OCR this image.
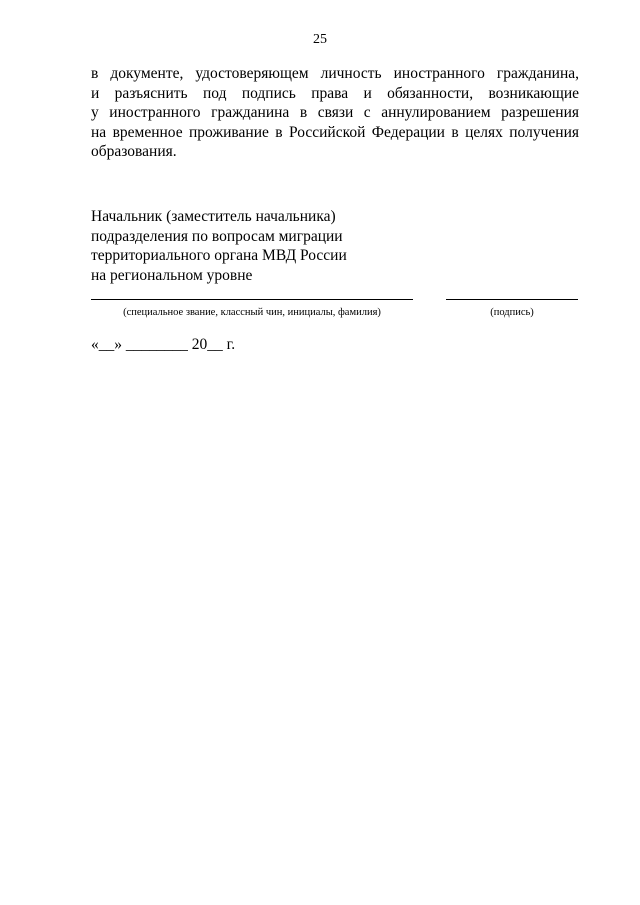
25
в документе, удостоверяющем личность иностранного гражданина,
и разъяснить под подпись права и обязанности, возникающие
у иностранного гражданина в связи с аннулированием разрешения
на временное проживание в Российской Федерации в целях получения
образования.
Начальник (заместитель начальника)
подразделения по вопросам миграции
территориального органа МВД России
на региональном уровне
(специальное звание, классный чин, инициалы, фамилия)	(подпись)
«__» ________ 20__ г.
